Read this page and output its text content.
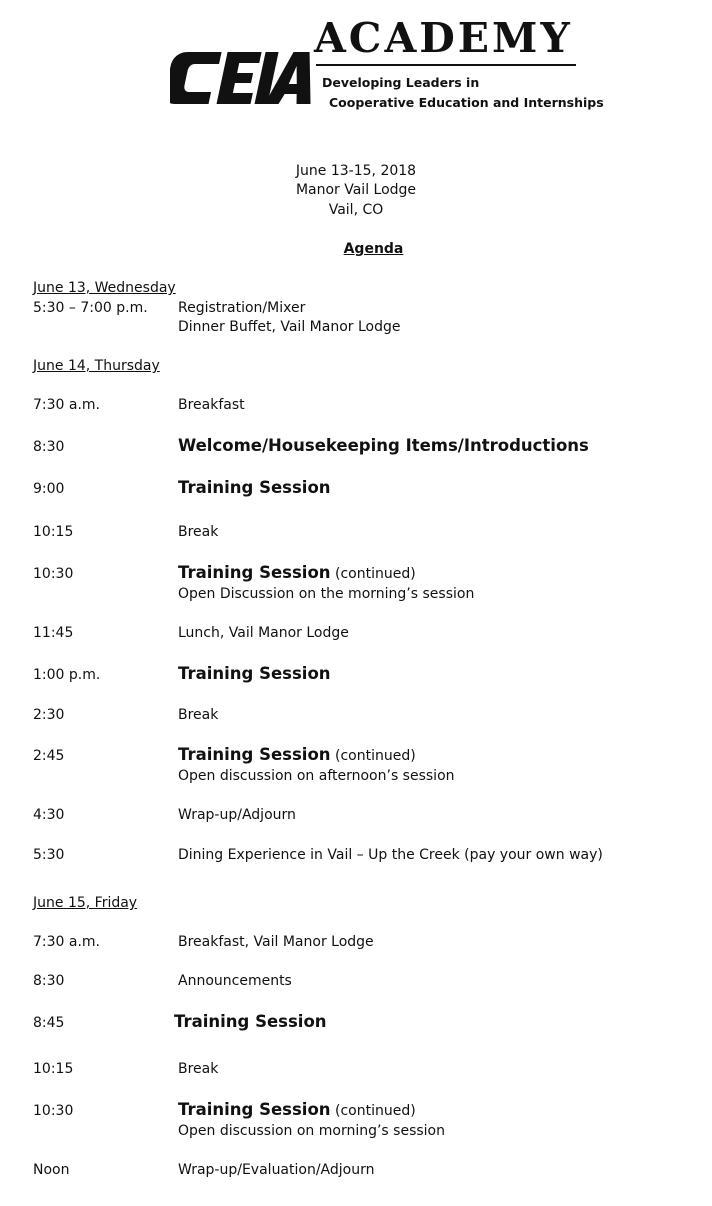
ACADEMY
Developing Leaders in
Cooperative Education and Internships
June 13-15, 2018
Manor Vail Lodge
Vail, CO
Agenda
June 13, Wednesday
5:30 – 7:00 p.m. Registration/Mixer
Dinner Buffet, Vail Manor Lodge
June 14, Thursday
7:30 a.m.	Breakfast
8:30	Welcome/Housekeeping Items/Introductions
9:00	Training Session
10:15	Break
10:30	Training Session (continued)
Open Discussion on the morning’s session
11:45	Lunch, Vail Manor Lodge
1:00 p.m.	Training Session
2:30	Break
2:45	Training Session (continued)
Open discussion on afternoon’s session
4:30	Wrap-up/Adjourn
5:30	Dining Experience in Vail – Up the Creek (pay your own way)
June 15, Friday
7:30 a.m.	Breakfast, Vail Manor Lodge
8:30	Announcements
8:45	Training Session
10:15	Break
10:30	Training Session (continued)
Open discussion on morning’s session
Noon	Wrap-up/Evaluation/Adjourn
